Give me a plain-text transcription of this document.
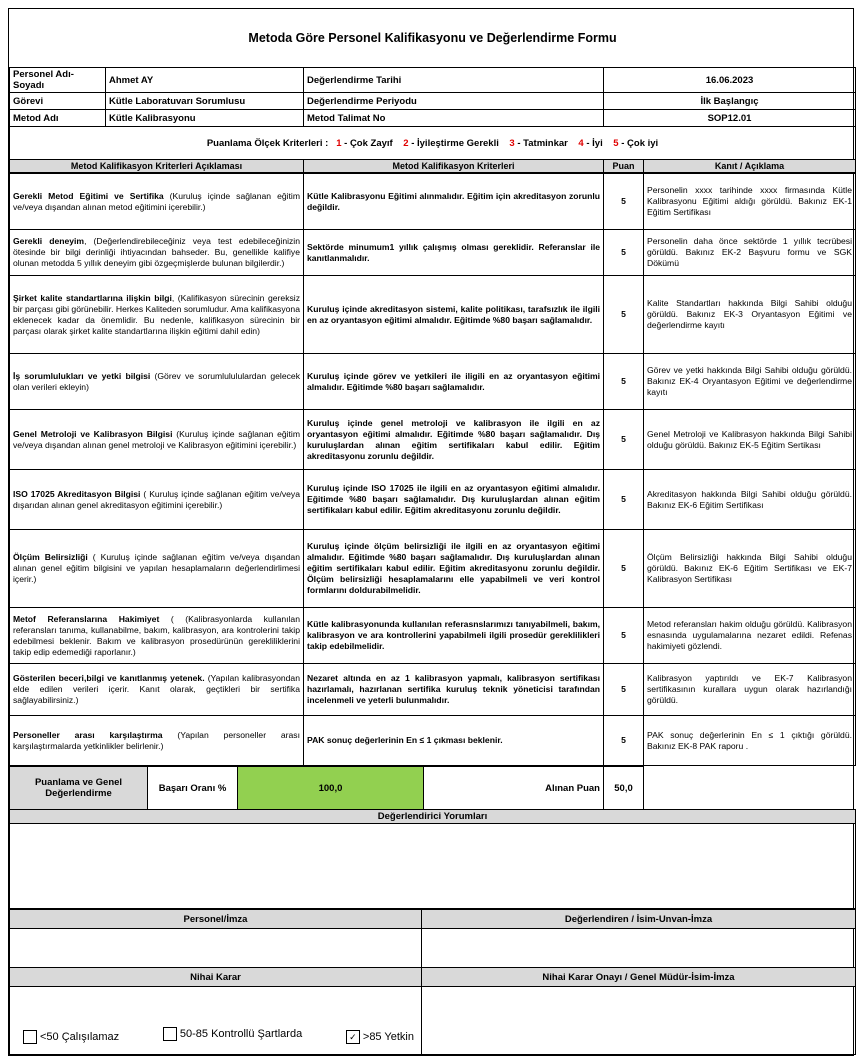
Metoda Göre Personel Kalifikasyonu ve Değerlendirme Formu				
Personel Adı-Soyadı	Ahmet AY	Değerlendirme Tarihi	16.06.2023	
Görevi	Kütle Laboratuvarı Sorumlusu	Değerlendirme Periyodu	İlk Başlangıç	
Metod Adı	Kütle Kalibrasyonu	Metod Talimat No	SOP12.01	
Puanlama Ölçek Kriterleri : 1 - Çok Zayıf 2 - İyileştirme Gerekli 3 - Tatminkar 4 - İyi 5 - Çok iyi				
Metod Kalifikasyon Kriterleri Açıklaması		Metod Kalifikasyon Kriterleri	Puan	Kanıt / Açıklama
Gerekli Metod Eğitimi ve Sertifika (Kuruluş içinde sağlanan eğitim ve/veya dışandan alınan metod eğitimini içerebilir.)	Kütle Kalibrasyonu Eğitimi alınmalıdır. Eğitim için akreditasyon zorunlu değildir.	5	Personelin xxxx tarihinde xxxx firmasında Kütle Kalibrasyonu Eğitimi aldığı görüldü. Bakınız EK-1 Eğitim Sertifikası
Gerekli deneyim, (Değerlendirebileceğiniz veya test edebileceğinizin ötesinde bir bilgi derinliği ihtiyacından bahseder. Bu, genellikle kalifiye olunan metodda 5 yıllık deneyim gibi özgeçmişlerde bulunan bilgilerdir.)	Sektörde minumum1 yıllık çalışmış olması gereklidir. Referanslar ile kanıtlanmalıdır.	5	Personelin daha önce sektörde 1 yıllık tecrübesi görüldü. Bakınız EK-2 Başvuru formu ve SGK Dökümü
Şirket kalite standartlarına ilişkin bilgi, (Kalifikasyon sürecinin gereksiz bir parçası gibi görünebilir. Herkes Kaliteden sorumludur. Ama kalifikasyona eklenecek kadar da önemlidir. Bu nedenle, kalifikasyon sürecinin bir parçası olarak şirket kalite standartlarına ilişkin eğitimi dahil edin)	Kuruluş içinde akreditasyon sistemi, kalite politikası, tarafsızlık ile ilgili en az oryantasyon eğitimi almalıdır. Eğitimde %80 başarı sağlamalıdır.	5	Kalite Standartları hakkında Bilgi Sahibi olduğu görüldü. Bakınız EK-3 Oryantasyon Eğitimi ve değerlendirme kayıtı
İş sorumlulukları ve yetki bilgisi (Görev ve sorumlulululardan gelecek olan verileri ekleyin)	Kuruluş içinde görev ve yetkileri ile iligili en az oryantasyon eğitimi almalıdır. Eğitimde %80 başarı sağlamalıdır.	5	Görev ve yetki hakkında Bilgi Sahibi olduğu görüldü. Bakınız EK-4 Oryantasyon Eğitimi ve değerlendirme kayıtı
Genel Metroloji ve Kalibrasyon Bilgisi (Kuruluş içinde sağlanan eğitim ve/veya dışandan alınan genel metroloji ve Kalibrasyon eğitimini içerebilir.)	Kuruluş içinde genel metroloji ve kalibrasyon ile ilgili en az oryantasyon eğitimi almalıdır. Eğitimde %80 başarı sağlamalıdır. Dış kuruluşlardan alınan eğitim sertifikaları kabul edilir. Eğitim akreditasyonu zorunlu değildir.	5	Genel Metroloji ve Kalibrasyon hakkında Bilgi Sahibi olduğu görüldü. Bakınız EK-5 Eğitim Sertikası
ISO 17025 Akreditasyon Bilgisi ( Kuruluş içinde sağlanan eğitim ve/veya dışarıdan alınan genel akreditasyon eğitimini içerebilir.)	Kuruluş içinde ISO 17025 ile ilgili en az oryantasyon eğitimi almalıdır. Eğitimde %80 başarı sağlamalıdır. Dış kuruluşlardan alınan eğitim sertifikaları kabul edilir. Eğitim akreditasyonu zorunlu değildir.	5	Akreditasyon hakkında Bilgi Sahibi olduğu görüldü. Bakınız EK-6 Eğitim Sertifikası
Ölçüm Belirsizliği ( Kuruluş içinde sağlanan eğitim ve/veya dışandan alınan genel eğitim bilgisini ve yapılan hesaplamaların değerlendirlimesi içerir.)	Kuruluş içinde ölçüm belirsizliği ile ilgili en az oryantasyon eğitimi almalıdır. Eğitimde %80 başarı sağlamalıdır. Dış kuruluşlardan alınan eğitim sertifikaları kabul edilir. Eğitim akreditasyonu zorunlu değildir. Ölçüm belirsizliği hesaplamalarını elle yapabilmeli ve veri kontrol formlarını doldurabilmelidir.	5	Ölçüm Belirsizliği hakkında Bilgi Sahibi olduğu görüldü. Bakınız EK-6 Eğitim Sertifikası ve EK-7 Kalibrasyon Sertifikası
Metof Referanslarına Hakimiyet ( (Kalibrasyonlarda kullanılan referansları tanıma, kullanabilme, bakım, kalibrasyon, ara kontrolerini takip edebilmesi beklenir. Bakım ve kalibrasyon prosedürünün gerekliliklerini takip edip edemediği raporlanır.)	Kütle kalibrasyonunda kullanılan referasnslarımızı tanıyabilmeli, bakım, kalibrasyon ve ara kontrollerini yapabilmeli ilgili prosedür gereklilikleri takip edebilmelidir.	5	Metod referansları hakim olduğu görüldü. Kalibrasyon esnasında uygulamalarına nezaret edildi. Refenas hakimiyeti gözlendi.
Gösterilen beceri,bilgi ve kanıtlanmış yetenek. (Yapılan kalibrasyondan elde edilen verileri içerir. Kanıt olarak, geçtikleri bir sertifika sağlayabilirsiniz.)	Nezaret altında en az 1 kalibrasyon yapmalı, kalibrasyon sertifikası hazırlamalı, hazırlanan sertifika kuruluş teknik yöneticisi tarafından incelenmeli ve yeterli bulunmalıdır.	5	Kalibrasyon yaptırıldı ve EK-7 Kalibrasyon sertifikasının kurallara uygun olarak hazırlandığı görüldü.
Personeller arası karşılaştırma (Yapılan personeller arası karşılaştırmalarda yetkinlikler belirlenir.)	PAK sonuç değerlerinin En ≤ 1 çıkması beklenir.	5	PAK sonuç değerlerinin En ≤ 1 çıktığı görüldü. Bakınız EK-8 PAK raporu .
Puanlama ve Genel Değerlendirme	Başarı Oranı %	100,0	Alınan Puan	50,0	
Değerlendirici Yorumları

Personel/İmza	Değerlendiren / İsim-Unvan-İmza

Nihai Karar	Nihai Karar Onayı / Genel Müdür-İsim-İmza

<50 Çalışılamaz 50-85 Kontrollü Şartlarda ✓ >85 Yetkin	
